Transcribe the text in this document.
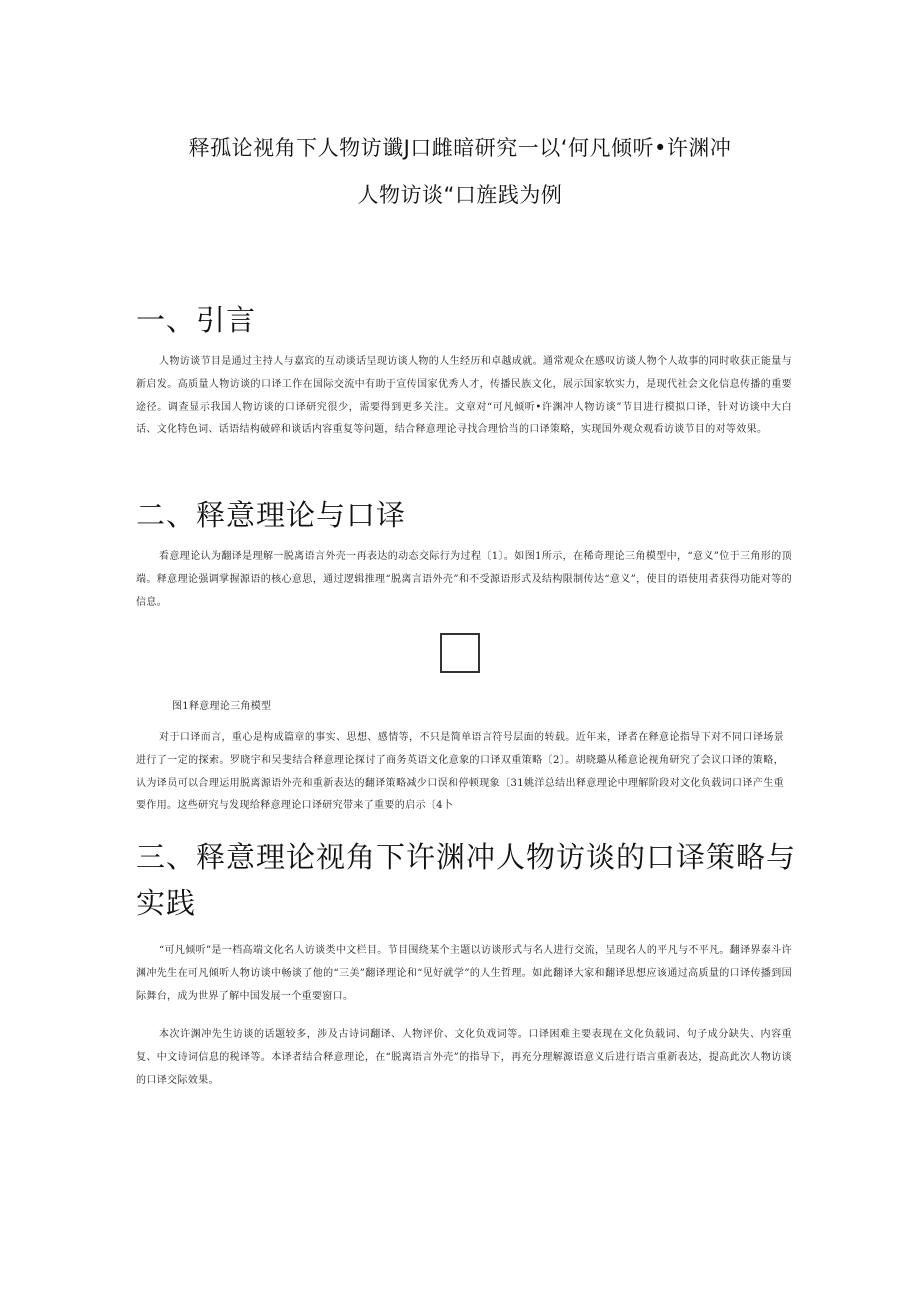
释孤论视角下人物访谶J口雌暗研究一以‘何凡倾听•许渊冲
人物访谈“口旌践为例
一、引言

人物访谈节目是通过主持人与嘉宾的互动谈话呈现访谈人物的人生经历和卓越成就。通常观众在感叹访谈人物个人故事的同时收获正能量与新启发。高质量人物访谈的口译工作在国际交流中有助于宣传国家优秀人才，传播民族文化，展示国家软实力，是现代社会文化信息传播的重要途径。调查显示我国人物访谈的口译研究很少，需要得到更多关注。文章对“可凡倾听•许渊冲人物访谈”节目进行模拟口译，针对访谈中大白话、文化特色词、话语结构破碎和谈话内容重复等问题，结合释意理论寻找合理恰当的口译策略，实现国外观众观看访谈节目的对等效果。

二、释意理论与口译

看意理论认为翻译是理解一脱离语言外壳一再表达的动态交际行为过程〔1〕。如图1所示，在稀奇理论三角模型中，“意义”位于三角形的顶端。释意理论强调掌握源语的核心意思，通过逻辑推理“脱离言语外壳”和不受源语形式及结构限制传达“意义”，使目的语使用者获得功能对等的信息。

图1释意理论三角模型

对于口译而言，重心是构成篇章的事实、思想、感情等，不只是简单语言符号层面的转载。近年来，译者在释意论指导下对不同口译场景进行了一定的探索。罗晓宇和吴斐结合释意理论探讨了商务英语文化意象的口译双重策略〔2〕。胡晓璐从稀意论视角研究了会议口译的策略，认为译员可以合理运用脱离源语外壳和重新表达的翻译策略减少口误和停顿现象〔31姚洋总结出释意理论中理解阶段对文化负载词口译产生重要作用。这些研究与发现给释意理论口译研究带来了重要的启示〔4卜

三、释意理论视角下许渊冲人物访谈的口译策略与实践

“可凡倾听”是一档高端文化名人访谈类中文栏目。节目围绕某个主题以访谈形式与名人进行交流，呈现名人的平凡与不平凡。翻译界泰斗许渊冲先生在可凡倾听人物访谈中畅谈了他的“三美”翻译理论和“见好就学”的人生哲理。如此翻译大家和翻译思想应该通过高质量的口译传播到国际舞台，成为世界了解中国发展一个重要窗口。

本次许渊冲先生访谈的话题较多，涉及古诗词翻译、人物评价、文化负戏词等。口译困难主要表现在文化负载词、句子成分缺失、内容重复、中文诗词信息的税译等。本译者结合释意理论，在“脱离语言外壳”的指导下，再充分理解源语意义后进行语言重新表达，提高此次人物访谈的口译交际效果。
